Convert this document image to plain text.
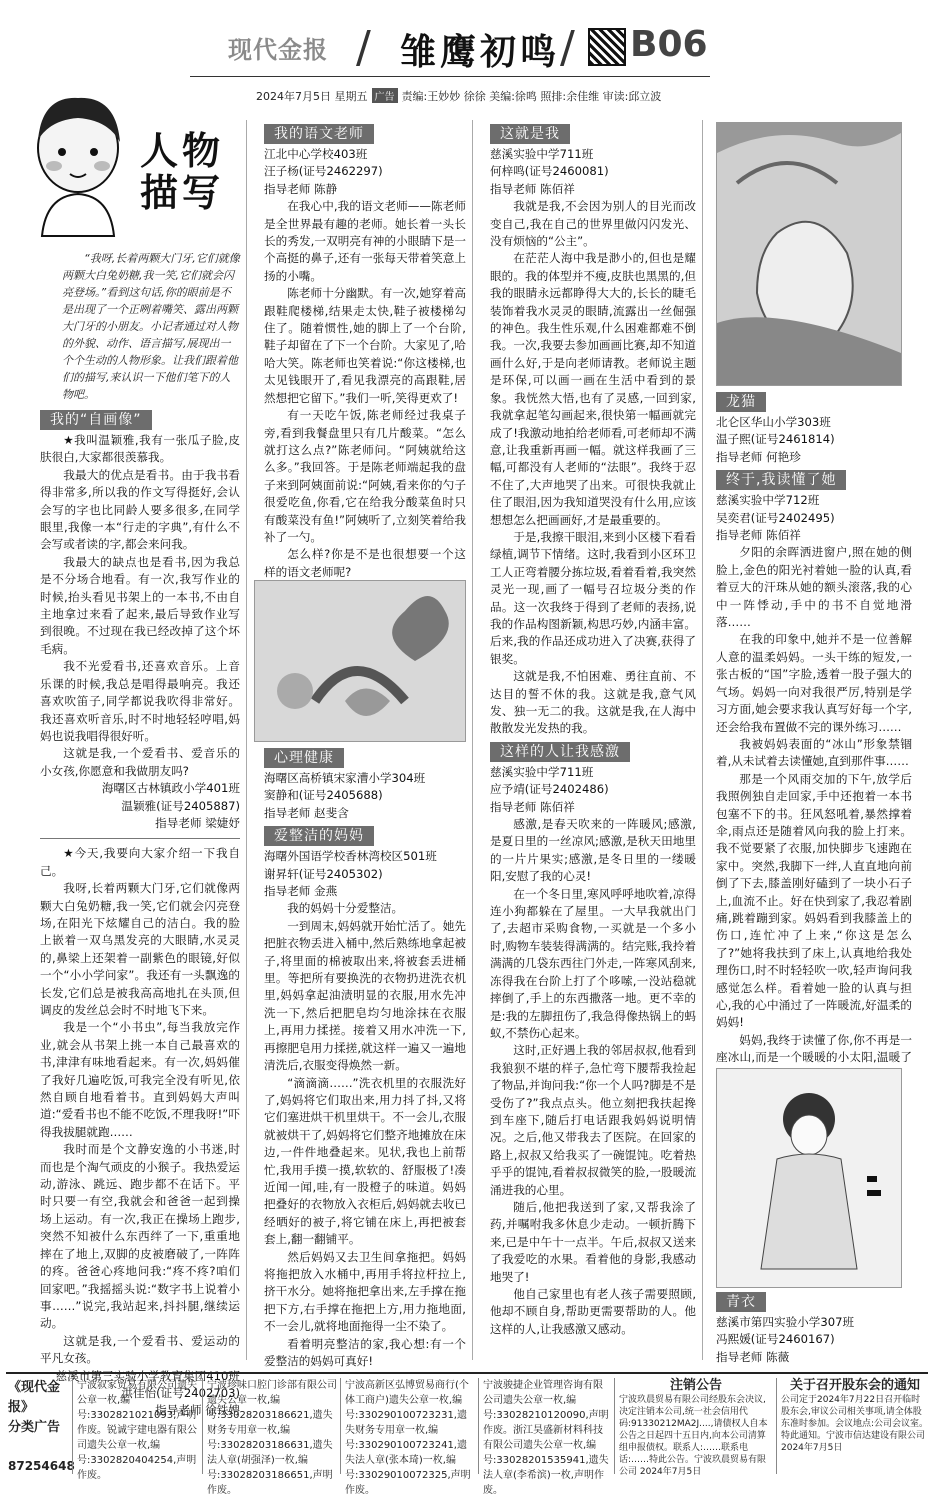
现代金报 / 雏鹰初鸣 / B06
2024年7月5日 星期五 广告 责编:王妙妙 徐徐 美编:徐鸣 照排:余佳维 审读:邱立波
人物
描写

“我呀,长着两颗大门牙,它们就像两颗大白兔奶糖,我一笑,它们就会闪亮登场。”看到这句话,你的眼前是不是出现了一个正咧着嘴笑、露出两颗大门牙的小朋友。小记者通过对人物的外貌、动作、语言描写,展现出一个个生动的人物形象。让我们跟着他们的描写,来认识一下他们笔下的人物吧。

我的“自画像”

★我叫温颖雅,我有一张瓜子脸,皮肤很白,大家都很羡慕我。

我最大的优点是看书。由于我书看得非常多,所以我的作文写得挺好,会认会写的字也比同龄人要多很多,在同学眼里,我像一本“行走的字典”,有什么不会写或者读的字,都会来问我。

我最大的缺点也是看书,因为我总是不分场合地看。有一次,我写作业的时候,抬头看见书架上的一本书,不由自主地拿过来看了起来,最后导致作业写到很晚。不过现在我已经改掉了这个坏毛病。

我不光爱看书,还喜欢音乐。上音乐课的时候,我总是唱得最响亮。我还喜欢吹笛子,同学都说我吹得非常好。我还喜欢听音乐,时不时地轻轻哼唱,妈妈也说我唱得很好听。

这就是我,一个爱看书、爱音乐的小女孩,你愿意和我做朋友吗?

海曙区古林镇政小学401班
温颖雅(证号2405887)
指导老师 梁婕妤

★今天,我要向大家介绍一下我自己。

我呀,长着两颗大门牙,它们就像两颗大白兔奶糖,我一笑,它们就会闪亮登场,在阳光下炫耀自己的洁白。我的脸上嵌着一双乌黑发亮的大眼睛,水灵灵的,鼻梁上还架着一副紫色的眼镜,好似一个“小小学问家”。我还有一头飘逸的长发,它们总是被我高高地扎在头顶,但调皮的发丝总会时不时地飞下来。

我是一个“小书虫”,每当我放完作业,就会从书架上挑一本自己最喜欢的书,津津有味地看起来。有一次,妈妈催了我好几遍吃饭,可我完全没有听见,依然自顾自地看着书。直到妈妈大声叫道:“爱看书也不能不吃饭,不理我呀!”吓得我拔腿就跑……

我时而是个文静安逸的小书迷,时而也是个淘气顽皮的小猴子。我热爱运动,游泳、跳远、跑步都不在话下。平时只要一有空,我就会和爸爸一起到操场上运动。有一次,我正在操场上跑步,突然不知被什么东西绊了一下,重重地摔在了地上,双脚的皮被磨破了,一阵阵的疼。爸爸心疼地问我:“疼不疼?咱们回家吧。”我摇摇头说:“数字书上说着小事……”说完,我站起来,抖抖腿,继续运动。

这就是我,一个爱看书、爱运动的平凡女孩。

慈溪市第三实验小学教育集团410班
洪佳怡(证号2402703)
指导老师 徐铁娉
我的语文老师
江北中心学校403班
汪子杨(证号2462297)
指导老师 陈静

在我心中,我的语文老师——陈老师是全世界最有趣的老师。她长着一头长长的秀发,一双明亮有神的小眼睛下是一个高挺的鼻子,还有一张每天带着笑意上扬的小嘴。

陈老师十分幽默。有一次,她穿着高跟鞋爬楼梯,结果走太快,鞋子被楼梯勾住了。随着惯性,她的脚上了一个台阶,鞋子却留在了下一个台阶。大家见了,哈哈大笑。陈老师也笑着说:“你这楼梯,也太见钱眼开了,看见我漂亮的高跟鞋,居然想把它留下。”我们一听,笑得更欢了!

有一天吃午饭,陈老师经过我桌子旁,看到我餐盘里只有几片酸菜。“怎么就打这么点?”陈老师问。“阿姨就给这么多。”我回答。于是陈老师端起我的盘子来到阿姨面前说:“阿姨,看来你的勺子很爱吃鱼,你看,它在给我分酸菜鱼时只有酸菜没有鱼!”阿姨听了,立刻笑着给我补了一勺。

怎么样?你是不是也很想要一个这样的语文老师呢?

心理健康
海曙区高桥镇宋家漕小学304班
窦静和(证号2405688)
指导老师 赵斐含
爱整洁的妈妈
海曙外国语学校香林湾校区501班
谢昇轩(证号2405302)
指导老师 金燕

我的妈妈十分爱整洁。

一到周末,妈妈就开始忙活了。她先把脏衣物丢进入桶中,然后熟练地拿起被子,将里面的棉被取出来,将被套丢进桶里。等把所有要换洗的衣物扔进洗衣机里,妈妈拿起油渍明显的衣服,用水先冲洗一下,然后把肥皂均匀地涂抹在衣服上,再用力揉搓。接着又用水冲洗一下,再擦肥皂用力揉搓,就这样一遍又一遍地清洗后,衣服变得焕然一新。

“滴滴滴……”洗衣机里的衣服洗好了,妈妈将它们取出来,用力抖了抖,又将它们塞进烘干机里烘干。不一会儿,衣服就被烘干了,妈妈将它们整齐地摊放在床边,一件件地叠起来。见状,我也上前帮忙,我用手摸一摸,软软的、舒服极了!凑近闻一闻,哇,有一股橙子的味道。妈妈把叠好的衣物放入衣柜后,妈妈就去收已经晒好的被子,将它铺在床上,再把被套套上,翻一翻铺平。

然后妈妈又去卫生间拿拖把。妈妈将拖把放入水桶中,再用手将拉杆拉上,挤干水分。她将拖把拿出来,左手撑在拖把下方,右手撑在拖把上方,用力拖地面,不一会儿,就将地面拖得一尘不染了。

看着明亮整洁的家,我心想:有一个爱整洁的妈妈可真好!

这就是我
慈溪实验中学711班
何梓鸣(证号2460081)
指导老师 陈佰祥

我就是我,不会因为别人的目光而改变自己,我在自己的世界里做闪闪发光、没有烦恼的“公主”。

在茫茫人海中我是渺小的,但也是耀眼的。我的体型并不瘦,皮肤也黑黑的,但我的眼睛永远都睁得大大的,长长的睫毛装饰着我水灵灵的眼睛,流露出一丝倔强的神色。我生性乐观,什么困难都难不倒我。一次,我要去参加画画比赛,却不知道画什么好,于是向老师请教。老师说主题是环保,可以画一画在生活中看到的景象。我恍然大悟,也有了灵感,一回到家,我就拿起笔勾画起来,很快第一幅画就完成了!我激动地拍给老师看,可老师却不满意,让我重新再画一幅。就这样我画了三幅,可都没有人老师的“法眼”。我终于忍不住了,大声地哭了出来。可很快我就止住了眼泪,因为我知道哭没有什么用,应该想想怎么把画画好,才是最重要的。

于是,我擦干眼泪,来到小区楼下看看绿植,调节下情绪。这时,我看到小区环卫工人正弯着腰分拣垃圾,看着看着,我突然灵光一现,画了一幅号召垃圾分类的作品。这一次我终于得到了老师的表扬,说我的作品构图新颖,构思巧妙,内涵丰富。后来,我的作品还成功进入了决赛,获得了银奖。

这就是我,不怕困难、勇往直前、不达目的誓不休的我。这就是我,意气风发、独一无二的我。这就是我,在人海中散散发光发热的我。

这样的人让我感激
慈溪实验中学711班
应予靖(证号2402486)
指导老师 陈佰祥

感激,是春天吹来的一阵暖风;感激,是夏日里的一丝凉风;感激,是秋天田地里的一片片果实;感激,是冬日里的一缕暖阳,安慰了我的心灵!

在一个冬日里,寒风呼呼地吹着,凉得连小狗都躲在了屋里。一大早我就出门了,去超市采购食物,一买就是一个多小时,购物车装装得满满的。结完账,我拎着满满的几袋东西往门外走,一阵寒风刮来,冻得我在台阶上打了个哆嗦,一没站稳就摔倒了,手上的东西撒落一地。更不幸的是:我的左脚扭伤了,我急得像热锅上的蚂蚁,不禁伤心起来。

这时,正好遇上我的邻居叔叔,他看到我狼狈不堪的样子,急忙弯下腰帮我捡起了物品,并询问我:“你一个人吗?脚是不是受伤了?”我点点头。他立刻把我扶起搀到车座下,随后打电话跟我妈妈说明情况。之后,他又带我去了医院。在回家的路上,叔叔又给我买了一碗馄饨。吃着热乎乎的馄饨,看着叔叔微笑的脸,一股暖流涌进我的心里。

随后,他把我送到了家,又帮我涂了药,并嘱咐我多休息少走动。一顿折腾下来,已是中午十一点半。午后,叔叔又送来了我爱吃的水果。看着他的身影,我感动地哭了!

他自己家里也有老人孩子需要照顾,他却不顾自身,帮助更需要帮助的人。他这样的人,让我感激又感动。

龙猫
北仑区华山小学303班
温子熙(证号2461814)
指导老师 何艳珍
终于,我读懂了她
慈溪实验中学712班
吴奕君(证号2402495)
指导老师 陈佰祥

夕阳的余晖洒进窗户,照在她的侧脸上,金色的阳光衬着她一脸的认真,看着豆大的汗珠从她的额头滚落,我的心中一阵悸动,手中的书不自觉地滑落……

在我的印象中,她并不是一位善解人意的温柔妈妈。一头干练的短发,一张古板的“国”字脸,透着一股子强大的气场。妈妈一向对我很严厉,特别是学习方面,她会要求我认真写好每一个字,还会给我布置做不完的课外练习……

我被妈妈表面的“冰山”形象禁锢着,从未试着去读懂她,直到那件事……

那是一个风雨交加的下午,放学后我照例独自走回家,手中还抱着一本书包塞不下的书。狂风怒吼着,暴然撑着伞,雨点还是随着风向我的脸上打来。我不觉要紧了衣服,加快脚步飞速跑在家中。突然,我脚下一绊,人直直地向前倒了下去,膝盖刚好磕到了一块小石子上,血流不止。好在快到家了,我忍着剧痛,跳着蹦到家。妈妈看到我膝盖上的伤口,连忙冲了上来,“你这是怎么了?”她将我扶到了床上,认真地给我处理伤口,时不时轻轻吹一吹,轻声询问我感觉怎么样。看着她一脸的认真与担心,我的心中涌过了一阵暖流,好温柔的妈妈!

妈妈,我终于读懂了你,你不再是一座冰山,而是一个暖暖的小太阳,温暖了

青衣
慈溪市第四实验小学307班
冯熙媛(证号2460167)
指导老师 陈薇
《现代金报》
分类广告
87254648
宁波叙家贸易有限公司遗失公章一枚,编号:3302821021093,声明作废。锐诚宇建电器有限公司遗失公章一枚,编号:3302820404254,声明作废。
宁波珍味口腔门诊部有限公司遗失公章一枚,编号:33028203186621,遗失财务专用章一枚,编号:33028203186631,遗失法人章(胡强泽)一枚,编号:33028203186651,声明作废。
宁波高新区弘博贸易商行(个体工商户)遗失公章一枚,编号:330290100723231,遗失财务专用章一枚,编号:330290100723241,遗失法人章(张本琦)一枚,编号:33029010072325,声明作废。
宁波骏捷企业管理咨询有限公司遗失公章一枚,编号:33028210120090,声明作废。浙江昊盛新材料科技有限公司遗失公章一枚,编号:33028201535941,遗失法人章(李希滨)一枚,声明作废。
注销公告
宁波玖晨贸易有限公司经股东会决议,决定注销本公司,统一社会信用代码:91330212MA2J....,请债权人自本公告之日起四十五日内,向本公司清算组申报债权。联系人:……联系电话:……特此公告。宁波玖晨贸易有限公司 2024年7月5日
关于召开股东会的通知
公司定于2024年7月22日召开临时股东会,审议公司相关事项,请全体股东准时参加。会议地点:公司会议室。特此通知。宁波市信达建设有限公司 2024年7月5日
